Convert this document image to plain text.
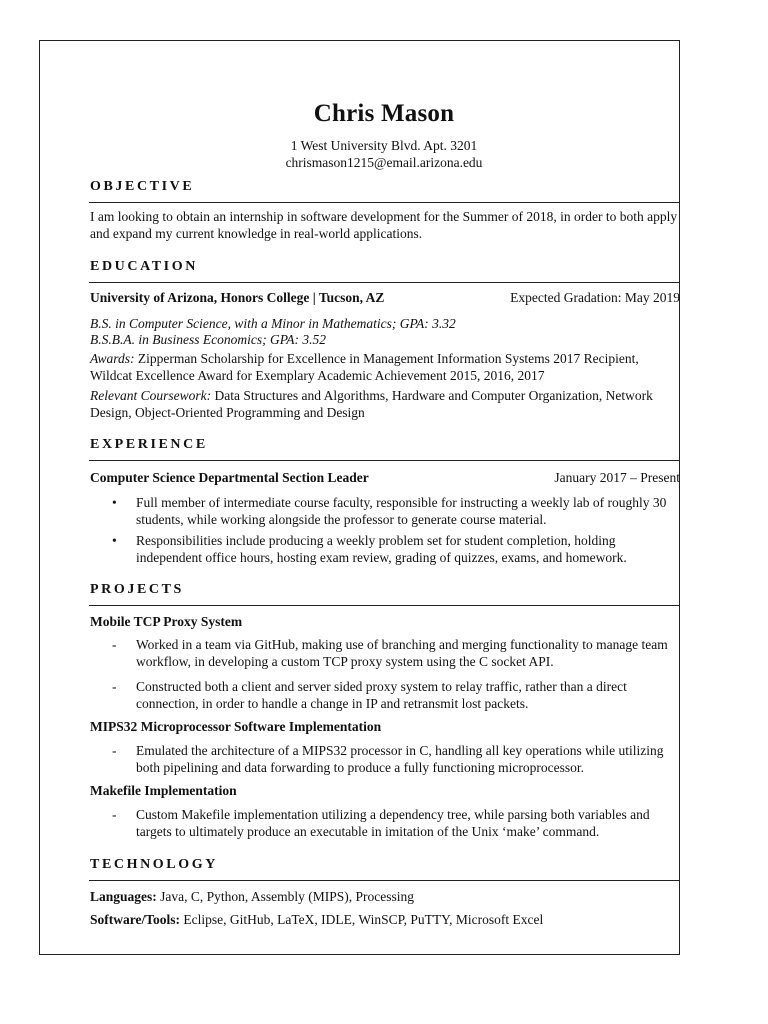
Chris Mason
1 West University Blvd. Apt. 3201
chrismason1215@email.arizona.edu
OBJECTIVE
I am looking to obtain an internship in software development for the Summer of 2018, in order to both apply and expand my current knowledge in real-world applications.
EDUCATION
University of Arizona, Honors College | Tucson, AZ	Expected Gradation: May 2019
B.S. in Computer Science, with a Minor in Mathematics; GPA: 3.32
B.S.B.A. in Business Economics; GPA: 3.52
Awards: Zipperman Scholarship for Excellence in Management Information Systems 2017 Recipient, Wildcat Excellence Award for Exemplary Academic Achievement 2015, 2016, 2017
Relevant Coursework: Data Structures and Algorithms, Hardware and Computer Organization, Network Design, Object-Oriented Programming and Design
EXPERIENCE
Computer Science Departmental Section Leader	January 2017 – Present
• Full member of intermediate course faculty, responsible for instructing a weekly lab of roughly 30 students, while working alongside the professor to generate course material.
• Responsibilities include producing a weekly problem set for student completion, holding independent office hours, hosting exam review, grading of quizzes, exams, and homework.
PROJECTS
Mobile TCP Proxy System
- Worked in a team via GitHub, making use of branching and merging functionality to manage team workflow, in developing a custom TCP proxy system using the C socket API.
- Constructed both a client and server sided proxy system to relay traffic, rather than a direct connection, in order to handle a change in IP and retransmit lost packets.
MIPS32 Microprocessor Software Implementation
- Emulated the architecture of a MIPS32 processor in C, handling all key operations while utilizing both pipelining and data forwarding to produce a fully functioning microprocessor.
Makefile Implementation
- Custom Makefile implementation utilizing a dependency tree, while parsing both variables and targets to ultimately produce an executable in imitation of the Unix ‘make’ command.
TECHNOLOGY
Languages: Java, C, Python, Assembly (MIPS), Processing
Software/Tools: Eclipse, GitHub, LaTeX, IDLE, WinSCP, PuTTY, Microsoft Excel
